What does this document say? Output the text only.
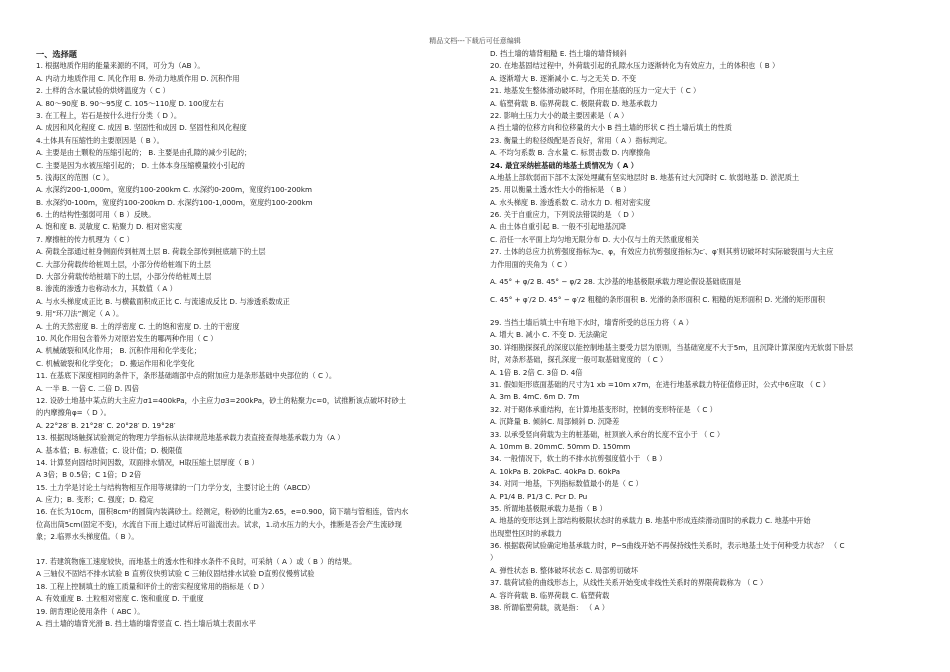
精品文档---下载后可任意编辑
一、选择题
1. 根据地质作用的能量来源的不同，可分为（AB ）。
A. 内动力地质作用 C. 风化作用 B. 外动力地质作用 D. 沉积作用
2. 土样的含水量试验的烘烤温度为（ C ）
A. 80～90度 B. 90～95度 C. 105～110度 D. 100度左右
3. 在工程上，岩石是按什么进行分类（ D ）。
A. 成因和风化程度 C. 成因 B. 坚固性和成因 D. 坚固性和风化程度
4.土体具有压缩性的主要原因是（ B ）。
A. 主要是由土颗粒的压缩引起的； B. 主要是由孔隙的减少引起的；
C. 主要是因为水被压缩引起的； D. 土体本身压缩模量较小引起的
5. 浅海区的范围（C ）。
A. 水深约200-1,000m，宽度约100-200km C. 水深约0-200m，宽度约100-200km
B. 水深约0-100m，宽度约100-200km D. 水深约100-1,000m，宽度约100-200km
6. 土的结构性强弱可用（ B ）反映。
A. 饱和度 B. 灵敏度 C. 粘聚力 D. 相对密实度
7. 摩擦桩的传力机理为（ C ）
A. 荷载全部通过桩身侧面传到桩周土层 B. 荷载全部传到桩底端下的土层
C. 大部分荷载传给桩周土层，小部分传给桩端下的土层
D. 大部分荷载传给桩端下的土层，小部分传给桩周土层
8. 渗流的渗透力也称动水力，其数值（ A ）
A. 与水头梯度成正比 B. 与横截面积成正比 C. 与流速成反比 D. 与渗透系数成正
9. 用“环刀法”测定（ A ）。
A. 土的天然密度 B. 土的浮密度 C. 土的饱和密度 D. 土的干密度
10. 风化作用包含着外力对原岩发生的哪两种作用（ C ）
A. 机械破裂和风化作用； B. 沉积作用和化学变化；
C. 机械破裂和化学变化； D. 搬运作用和化学变化
11. 在基底下深度相同的条件下，条形基础端部中点的附加应力是条形基础中央部位的（ C ）。
A. 一半 B. 一倍 C. 二倍 D. 四倍
12. 设砂土地基中某点的大主应力σ1=400kPa，小主应力σ3=200kPa，砂土的粘聚力c=0，试推断该点破坏时砂土
的内摩擦角φ=（ D ）。
A. 22°28′ B. 21°28′ C. 20°28′ D. 19°28′
13. 根据现场触探试验测定的物理力学指标从法律规范地基承载力表直接查得地基承载力为（A ）
A. 基本值；B. 标准值；C. 设计值；D. 极限值
14. 计算竖向固结时间因数，双面排水情况，H取压缩土层厚度（ B ）
A 3倍；B 0.5倍；C 1倍；D 2倍
15. 土力学是讨论土与结构物相互作用等规律的一门力学分支，主要讨论土的（ABCD）
A. 应力；B. 变形；C. 强度；D. 稳定
16. 在长为10cm，面积8cm²的圆筒内装满砂土。经测定，粉砂的比重为2.65，e=0.900，筒下端与管相连，管内水
位高出筒5cm(固定不变)，水流自下而上通过试样后可溢流出去。试求，1.动水压力的大小，推断是否会产生流砂现
象；2.临界水头梯度值。（ B ）。
17. 若建筑物施工速度较快，而地基土的透水性和排水条件不良时，可采纳（ A ）或（ B ）的结果。
A 三轴仪不固结不排水试验 B 直剪仪快剪试验 C 三轴仪固结排水试验 D直剪仪慢剪试验
18. 工程上控制填土的施工质量和评价土的密实程度常用的指标是（ D ）
A. 有效重度 B. 土粒相对密度 C. 饱和重度 D. 干重度
19. 朗肯理论使用条件（ ABC ）。
A. 挡土墙的墙背光滑 B. 挡土墙的墙背竖直 C. 挡土墙后填土表面水平
D. 挡土墙的墙背粗糙 E. 挡土墙的墙背倾斜
20. 在地基固结过程中，外荷载引起的孔隙水压力逐渐转化为有效应力，土的体积也（ B ）
A. 逐渐增大 B. 逐渐减小 C. 与之无关 D. 不变
21. 地基发生整体滑动破坏时，作用在基底的压力一定大于（ C ）
A. 临塑荷载 B. 临界荷载 C. 极限荷载 D. 地基承载力
22. 影响土压力大小的最主要因素是（ A ）
A 挡土墙的位移方向和位移量的大小 B 挡土墙的形状 C 挡土墙后填土的性质
23. 衡量土的粒径级配是否良好，常用（ A ）指标判定。
A. 不均匀系数 B. 含水量 C. 标贯击数 D. 内摩擦角
24. 最宜采纳桩基础的地基土质情况为（ A ）
A.地基上部软弱而下部不太深处埋藏有坚实地层时 B. 地基有过大沉降时 C. 软弱地基 D. 淤泥质土
25. 用以衡量土透水性大小的指标是 （ B ）
A. 水头梯度 B. 渗透系数 C. 动水力 D. 相对密实度
26. 关于自重应力，下列说法错误的是 （ D ）
A. 由土体自重引起 B. 一般不引起地基沉降
C. 沿任一水平面上均匀地无限分布 D. 大小仅与土的天然重度相关
27. 土体的总应力抗剪强度指标为c、φ，有效应力抗剪强度指标为c′、φ′则其剪切破坏时实际破裂面与大主应
力作用面的夹角为（ C ）
A. 45° + φ/2 B. 45° − φ/2 28. 太沙基的地基极限承载力理论假设基础底面是
C. 45° + φ′/2 D. 45° − φ′/2 粗糙的条形面积 B. 光滑的条形面积 C. 粗糙的矩形面积 D. 光滑的矩形面积
29. 当挡土墙后填土中有地下水时，墙背所受的总压力将（ A ）
A. 增大 B. 减小 C. 不变 D. 无法确定
30. 详细勘探探孔的深度以能控制地基主要受力层为原则，当基础宽度不大于5m，且沉降计算深度内无软弱下卧层
时，对条形基础，探孔深度一般可取基础宽度的 （ C ）
A. 1倍 B. 2倍 C. 3倍 D. 4倍
31. 假如矩形底面基础的尺寸为1 xb =10m x7m，在进行地基承载力特征值修正时，公式中6应取 （ C ）
A. 3m B. 4mC. 6m D. 7m
32. 对于砌体承重结构，在计算地基变形时，控制的变形特征是 （ C ）
A. 沉降量 B. 倾斜C. 局部倾斜 D. 沉降差
33. 以承受竖向荷载为主的桩基础，桩顶嵌入承台的长度不宜小于 （ C ）
A. 10mm B. 20mmC. 50mm D. 150mm
34. 一般情况下，软土的不排水抗剪强度值小于 （ B ）
A. 10kPa B. 20kPaC. 40kPa D. 60kPa
34. 对同一地基，下列指标数值最小的是（ C ）
A. P1/4 B. P1/3 C. Pcr D. Pu
35. 所谓地基极限承载力是指（ B ）
A. 地基的变形达到上部结构极限状态时的承载力 B. 地基中形成连续滑动面时的承载力 C. 地基中开始
出现塑性区时的承载力
36. 根据载荷试验确定地基承载力时，P−S曲线开始不再保持线性关系时，表示地基土处于何种受力状态？ （ C
）
A. 弹性状态 B. 整体破坏状态 C. 局部剪切破坏
37. 载荷试验的曲线形态上，从线性关系开始变成非线性关系时的界限荷载称为 （ C ）
A. 容许荷载 B. 临界荷载 C. 临塑荷载
38. 所谓临塑荷载，就是指： （ A ）
